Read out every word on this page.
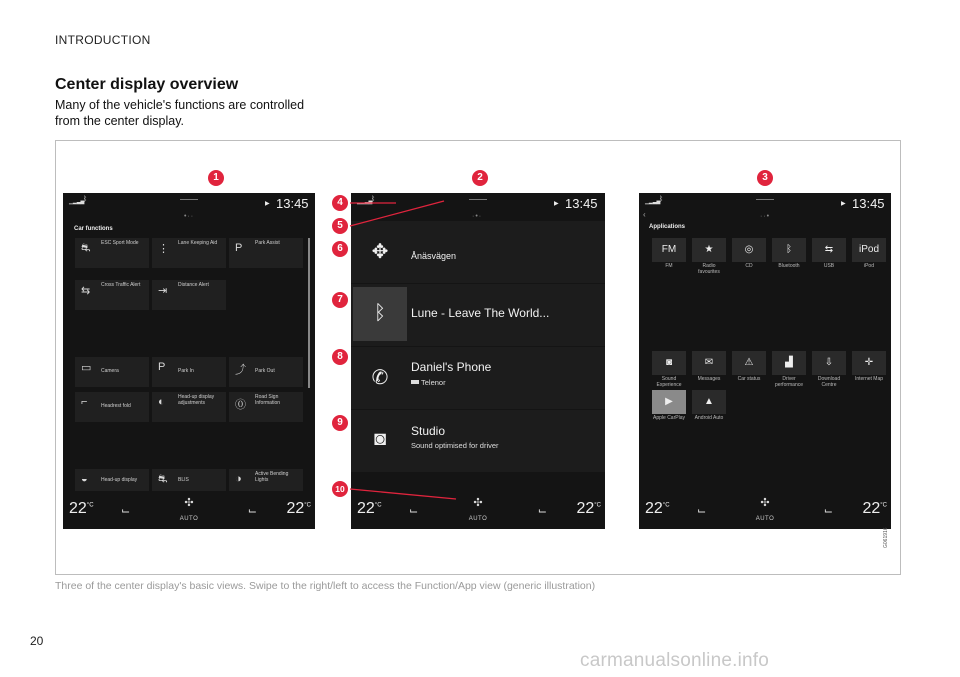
INTRODUCTION
Center display overview
Many of the vehicle's functions are controlled from the center display.
1	2	3
▁▂▃▅
ᛒ
•··
▶ 13:45
Car functions
⛐ ESC Sport Mode	⋮ Lane Keeping Aid	P	Park Assist
⇆ Cross Traffic Alert	⇥ Distance Alert
▭ Camera	P	Park In	⤴ Park Out
⌐	Headrest fold	◐	Head-up display adjustments	⓪
Road Sign Information
◒	Head-up display	⛐ BLIS	◑	Active Bending Lights
$22^{^\circ C}$ ⌙
✣
AUTO
⌙ $22^{^\circ C}$
▁▂▃▅
ᛒ
·•·
▶ 13:45
✥	Ånäsvägen
ᛒ	Lune - Leave The World...
✆	Daniel's Phone
Telenor
◙	Studio
Sound optimised for driver
$22^{^\circ C}$ ⌙
✣
AUTO
⌙ $22^{^\circ C}$
▁▂▃▅
ᛒ
··•
▶ 13:45
‹
Applications
FM
FM
★
Radio favourites
◎
CD
ᛒ
Bluetooth
⇆
USB
iPod
iPod
◙
Sound Experience
✉
Messages
⚠
Car status
▟
Driver performance
⇩
Download Centre
✛
Internet Map
▶
Apple CarPlay
▲
Android Auto
$22^{^\circ C}$ ⌙
✣
AUTO
⌙ $22^{^\circ C}$
4
5
6
7
8
9
10
G061916
Three of the center display's basic views. Swipe to the right/left to access the Function/App view (generic illustration)
20
carmanualsonline.info
